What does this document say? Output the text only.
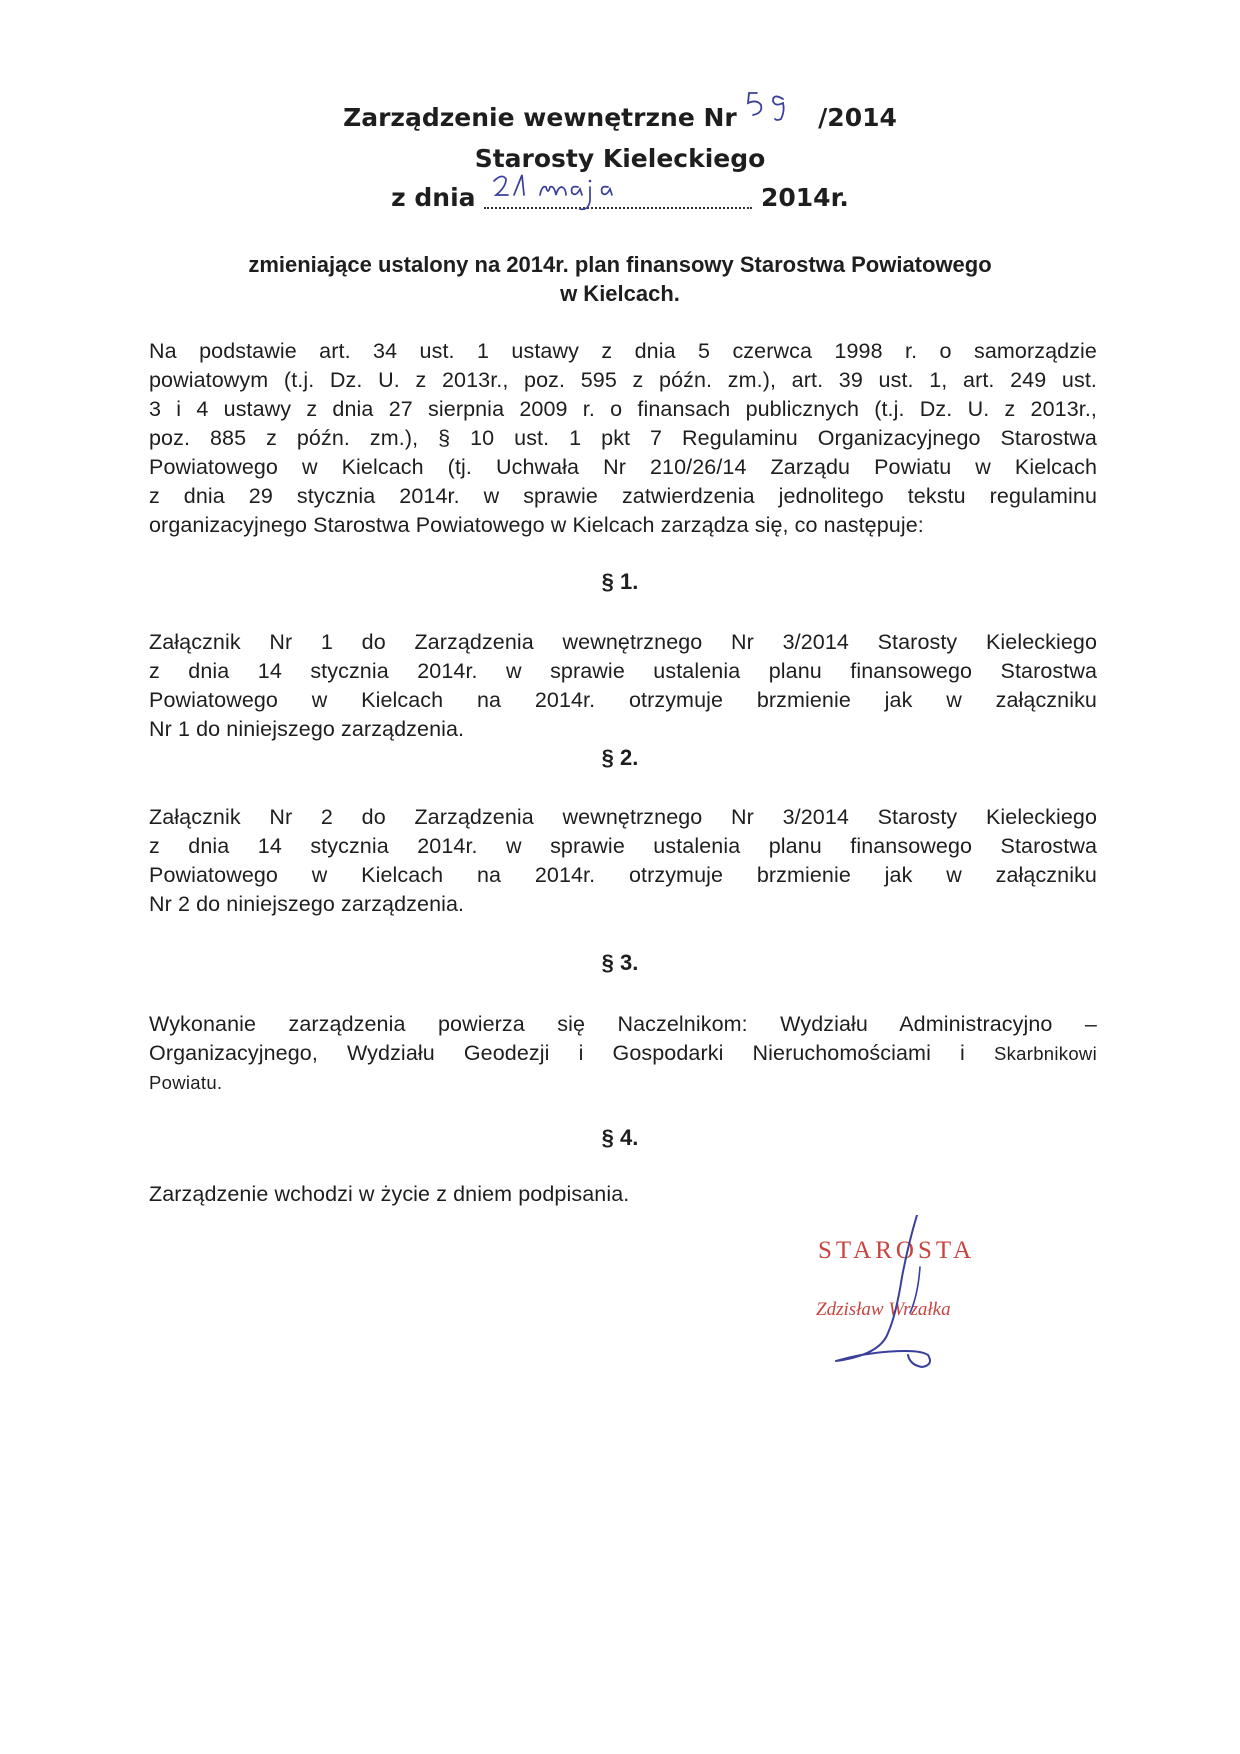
Zarządzenie wewnętrzne Nr	/2014
Starosty Kieleckiego
z dnia	2014r.
zmieniające ustalony na 2014r. plan finansowy Starostwa Powiatowego
w Kielcach.
Na podstawie art. 34 ust. 1 ustawy z dnia 5 czerwca 1998 r. o samorządzie
powiatowym (t.j. Dz. U. z 2013r., poz. 595 z późn. zm.), art. 39 ust. 1, art. 249 ust.
3 i 4 ustawy z dnia 27 sierpnia 2009 r. o finansach publicznych (t.j. Dz. U. z 2013r.,
poz. 885 z późn. zm.), § 10 ust. 1 pkt 7 Regulaminu Organizacyjnego Starostwa
Powiatowego w Kielcach (tj. Uchwała Nr 210/26/14 Zarządu Powiatu w Kielcach
z dnia 29 stycznia 2014r. w sprawie zatwierdzenia jednolitego tekstu regulaminu
organizacyjnego Starostwa Powiatowego w Kielcach zarządza się, co następuje:
§ 1.
Załącznik Nr 1 do Zarządzenia wewnętrznego Nr 3/2014 Starosty Kieleckiego
z dnia 14 stycznia 2014r. w sprawie ustalenia planu finansowego Starostwa
Powiatowego w Kielcach na 2014r. otrzymuje brzmienie jak w załączniku
Nr 1 do niniejszego zarządzenia.
§ 2.
Załącznik Nr 2 do Zarządzenia wewnętrznego Nr 3/2014 Starosty Kieleckiego
z dnia 14 stycznia 2014r. w sprawie ustalenia planu finansowego Starostwa
Powiatowego w Kielcach na 2014r. otrzymuje brzmienie jak w załączniku
Nr 2 do niniejszego zarządzenia.
§ 3.
Wykonanie zarządzenia powierza się Naczelnikom: Wydziału Administracyjno –
Organizacyjnego, Wydziału Geodezji i Gospodarki Nieruchomościami i Skarbnikowi
Powiatu.
§ 4.
Zarządzenie wchodzi w życie z dniem podpisania.
STAROSTA
Zdzisław Wrzałka
